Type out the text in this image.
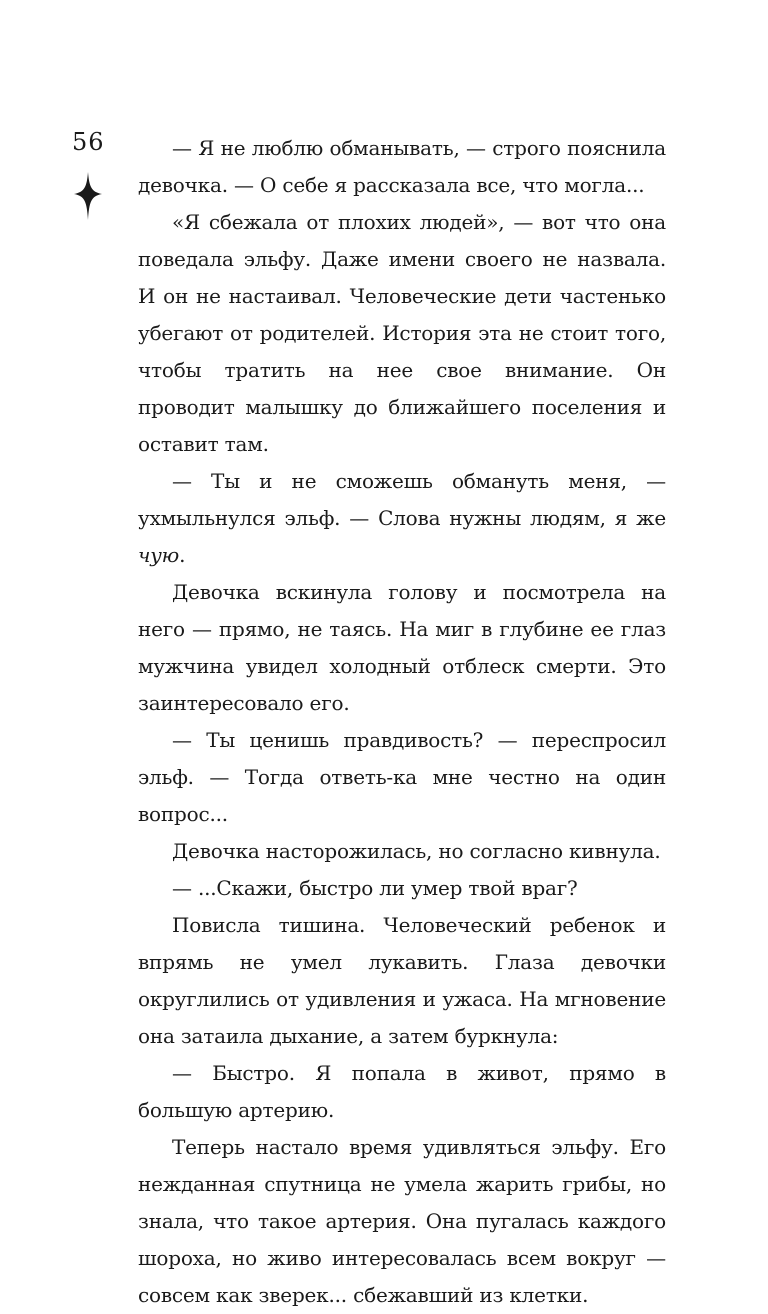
56	— Я не люблю обманывать, — строго пояснила девочка. — О себе я рассказала все, что могла...

«Я сбежала от плохих людей», — вот что она поведала эльфу. Даже имени своего не назвала. И он не настаивал. Человеческие дети частенько убегают от родителей. История эта не стоит того, чтобы тратить на нее свое внимание. Он проводит малышку до ближайшего поселения и оставит там.

— Ты и не сможешь обмануть меня, — ухмыльнулся эльф. — Слова нужны людям, я же чую.

Девочка вскинула голову и посмотрела на него — прямо, не таясь. На миг в глубине ее глаз мужчина увидел холодный отблеск смерти. Это заинтересовало его.

— Ты ценишь правдивость? — переспросил эльф. — Тогда ответь-ка мне честно на один вопрос...

Девочка насторожилась, но согласно кивнула.

— ...Скажи, быстро ли умер твой враг?

Повисла тишина. Человеческий ребенок и впрямь не умел лукавить. Глаза девочки округлились от удивления и ужаса. На мгновение она затаила дыхание, а затем буркнула:

— Быстро. Я попала в живот, прямо в большую артерию.

Теперь настало время удивляться эльфу. Его нежданная спутница не умела жарить грибы, но знала, что такое артерия. Она пугалась каждого шороха, но живо интересовалась всем вокруг — совсем как зверек... сбежавший из клетки.
